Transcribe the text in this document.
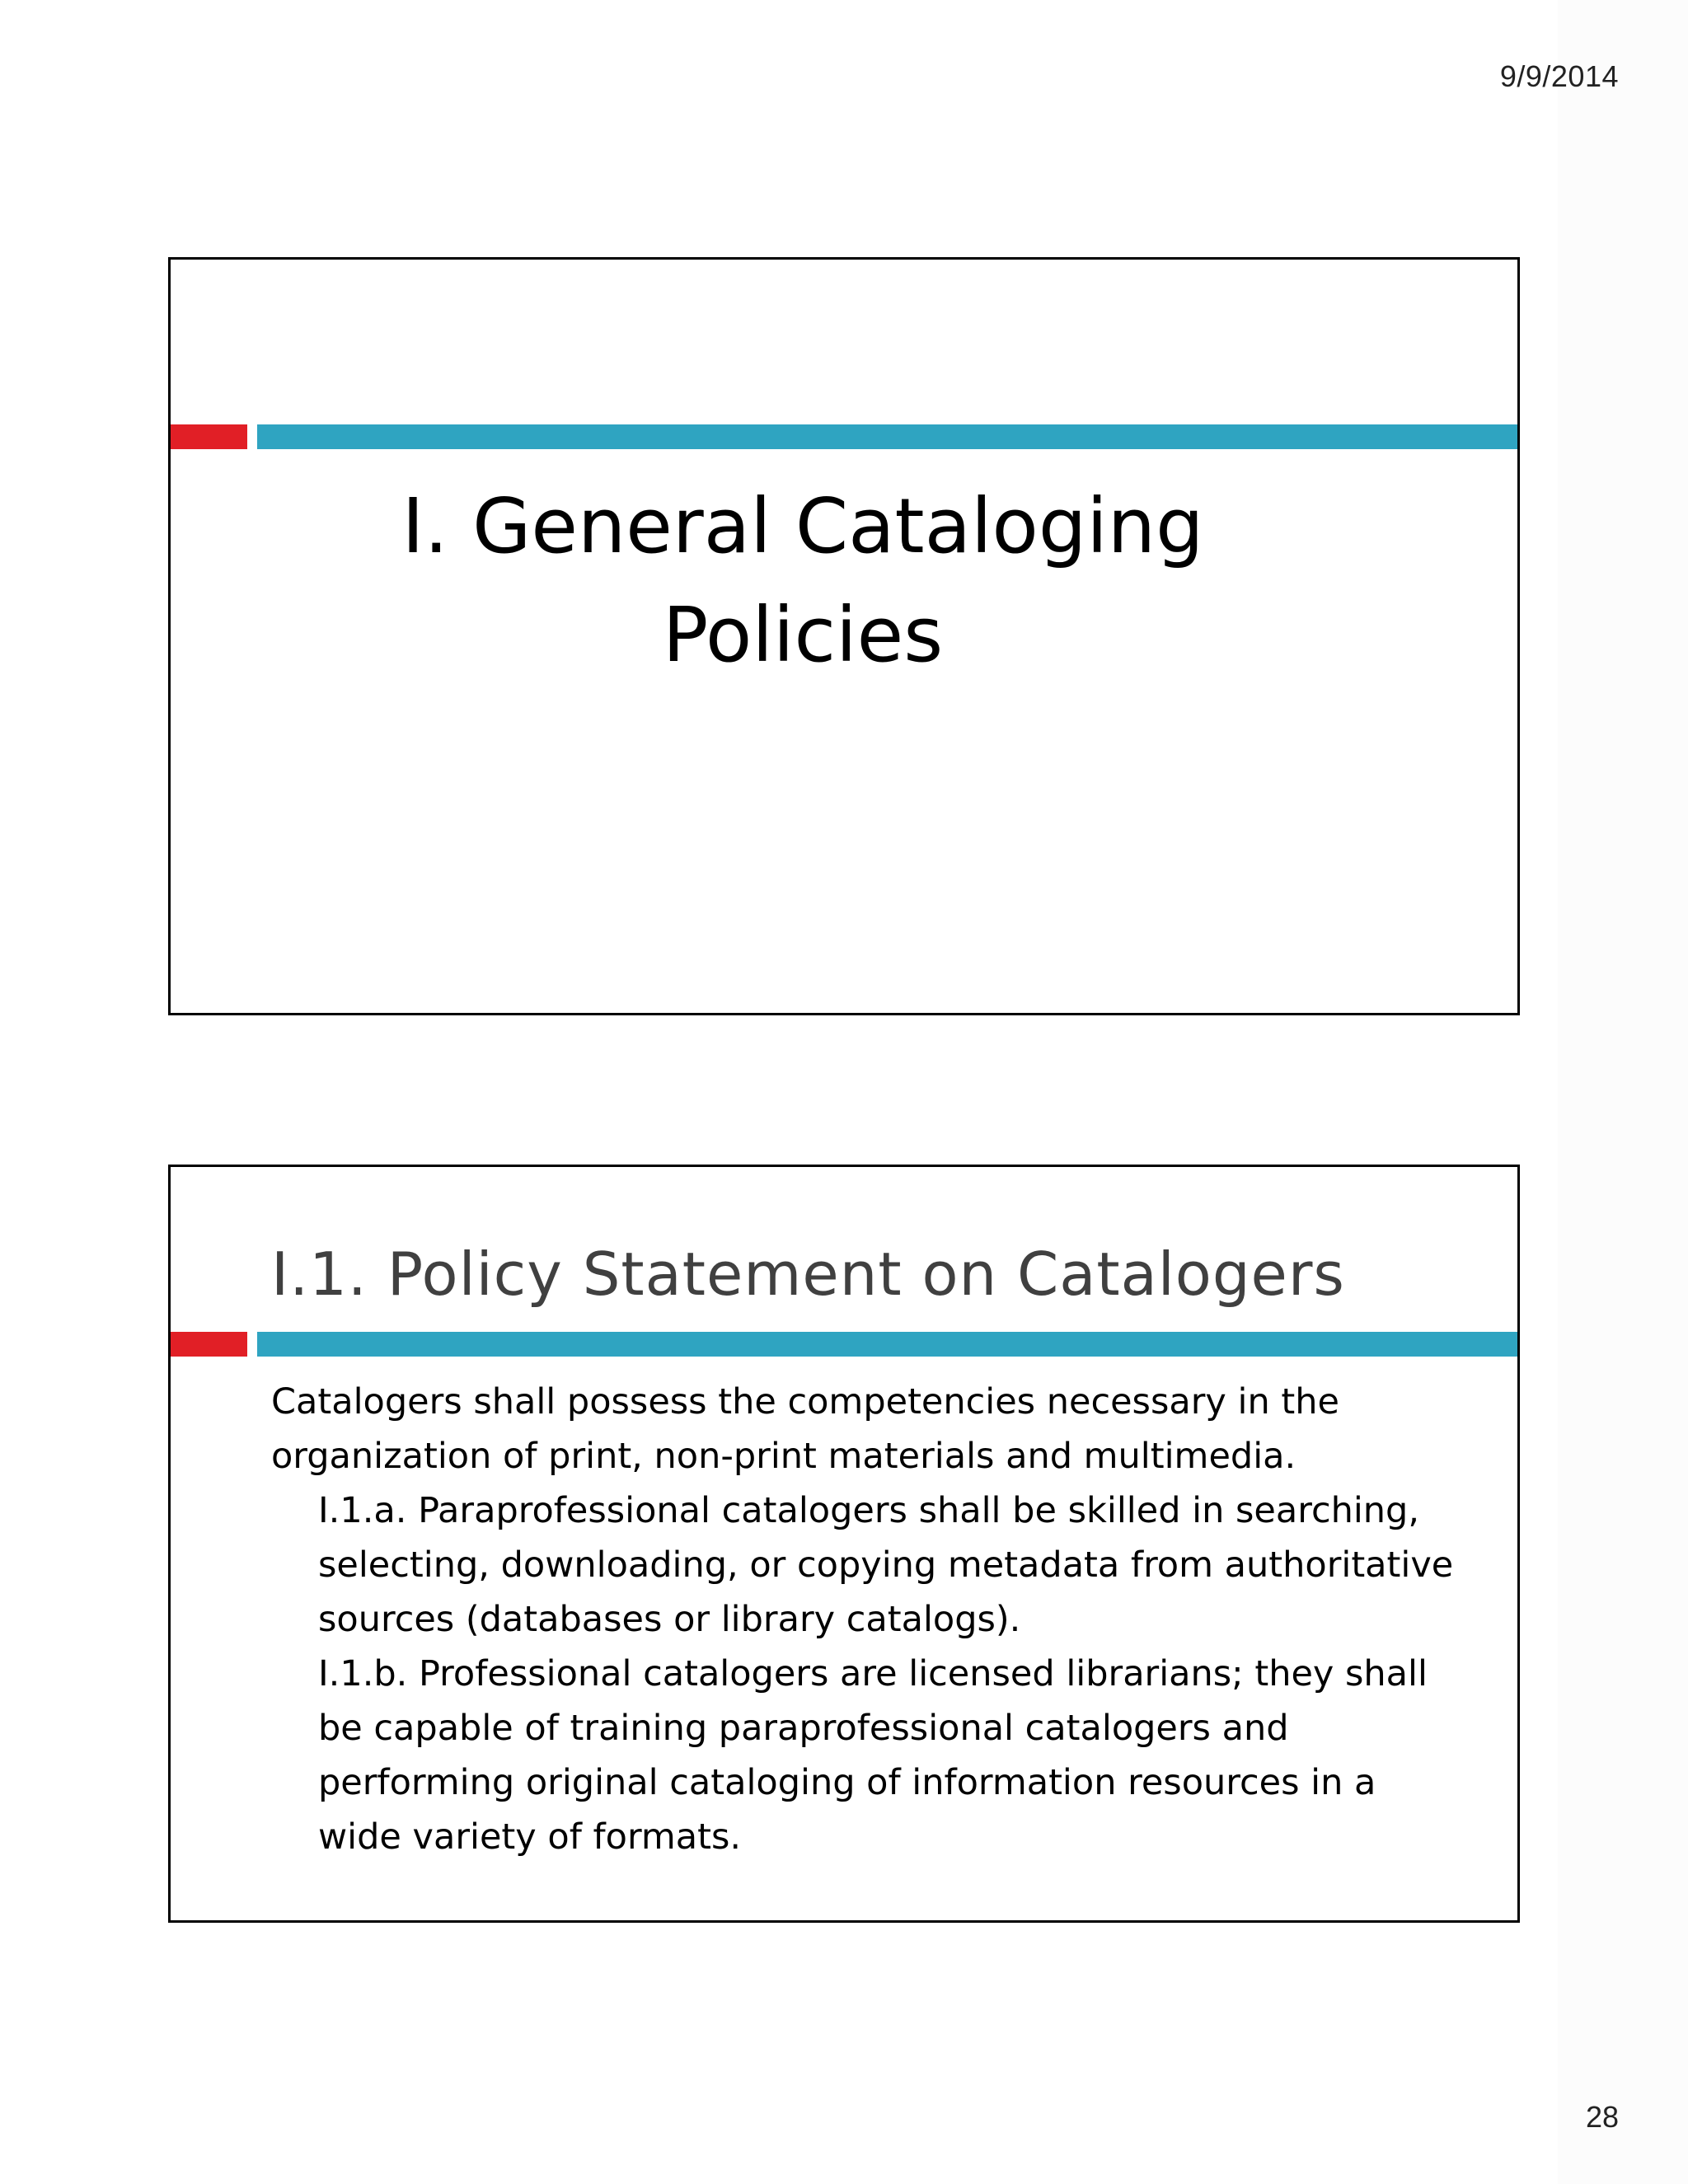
9/9/2014
I. General Cataloging
Policies
I.1. Policy Statement on Catalogers

Catalogers shall possess the competencies necessary in the organization of print, non-print materials and multimedia.

I.1.a. Paraprofessional catalogers shall be skilled in searching, selecting, downloading, or copying metadata from authoritative sources (databases or library catalogs).

I.1.b. Professional catalogers are licensed librarians; they shall be capable of training paraprofessional catalogers and performing original cataloging of information resources in a wide variety of formats.

28
